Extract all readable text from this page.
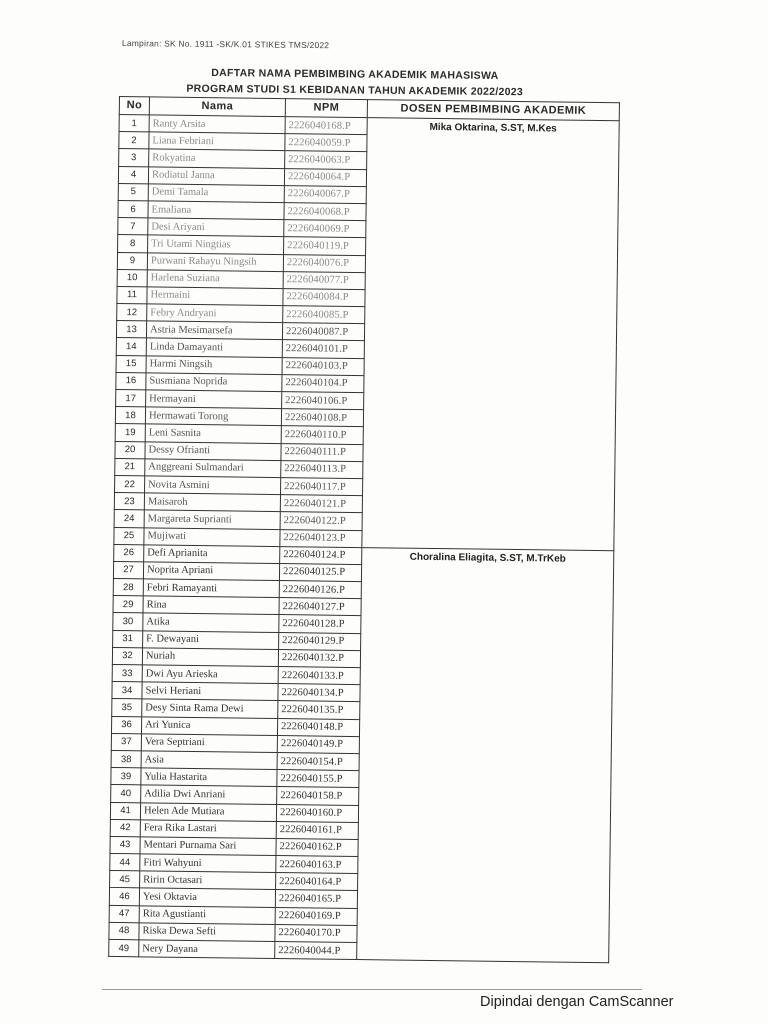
Lampiran: SK No. 1911 -SK/K.01 STIKES TMS/2022
DAFTAR NAMA PEMBIMBING AKADEMIK MAHASISWA
PROGRAM STUDI S1 KEBIDANAN TAHUN AKADEMIK 2022/2023
No	Nama	NPM	DOSEN PEMBIMBING AKADEMIK
1	Ranty Arsita	2226040168.P	Mika Oktarina, S.ST, M.Kes
2	Liana Febriani	2226040059.P	
3	Rokyatina	2226040063.P	
4	Rodiatul Janna	2226040064.P	
5	Demi Tamala	2226040067.P	
6	Emaliana	2226040068.P	
7	Desi Ariyani	2226040069.P	
8	Tri Utami Ningtias	2226040119.P	
9	Purwani Rahayu Ningsih	2226040076.P	
10	Harlena Suziana	2226040077.P	
11	Hermaini	2226040084.P	
12	Febry Andryani	2226040085.P	
13	Astria Mesimarsefa	2226040087.P	
14	Linda Damayanti	2226040101.P	
15	Harmi Ningsih	2226040103.P	
16	Susmiana Noprida	2226040104.P	
17	Hermayani	2226040106.P	
18	Hermawati Torong	2226040108.P	
19	Leni Sasnita	2226040110.P	
20	Dessy Ofrianti	2226040111.P	
21	Anggreani Sulmandari	2226040113.P	
22	Novita Asmini	2226040117.P	
23	Maisaroh	2226040121.P	
24	Margareta Suprianti	2226040122.P	
25	Mujiwati	2226040123.P	
26	Defi Aprianita	2226040124.P	Choralina Eliagita, S.ST, M.TrKeb
27	Noprita Apriani	2226040125.P	
28	Febri Ramayanti	2226040126.P	
29	Rina	2226040127.P	
30	Atika	2226040128.P	
31	F. Dewayani	2226040129.P	
32	Nuriah	2226040132.P	
33	Dwi Ayu Arieska	2226040133.P	
34	Selvi Heriani	2226040134.P	
35	Desy Sinta Rama Dewi	2226040135.P	
36	Ari Yunica	2226040148.P	
37	Vera Septriani	2226040149.P	
38	Asia	2226040154.P	
39	Yulia Hastarita	2226040155.P	
40	Adilia Dwi Anriani	2226040158.P	
41	Helen Ade Mutiara	2226040160.P	
42	Fera Rika Lastari	2226040161.P	
43	Mentari Purnama Sari	2226040162.P	
44	Fitri Wahyuni	2226040163.P	
45	Ririn Octasari	2226040164.P	
46	Yesi Oktavia	2226040165.P	
47	Rita Agustianti	2226040169.P	
48	Riska Dewa Sefti	2226040170.P	
49	Nery Dayana	2226040044.P	
Dipindai dengan CamScanner
